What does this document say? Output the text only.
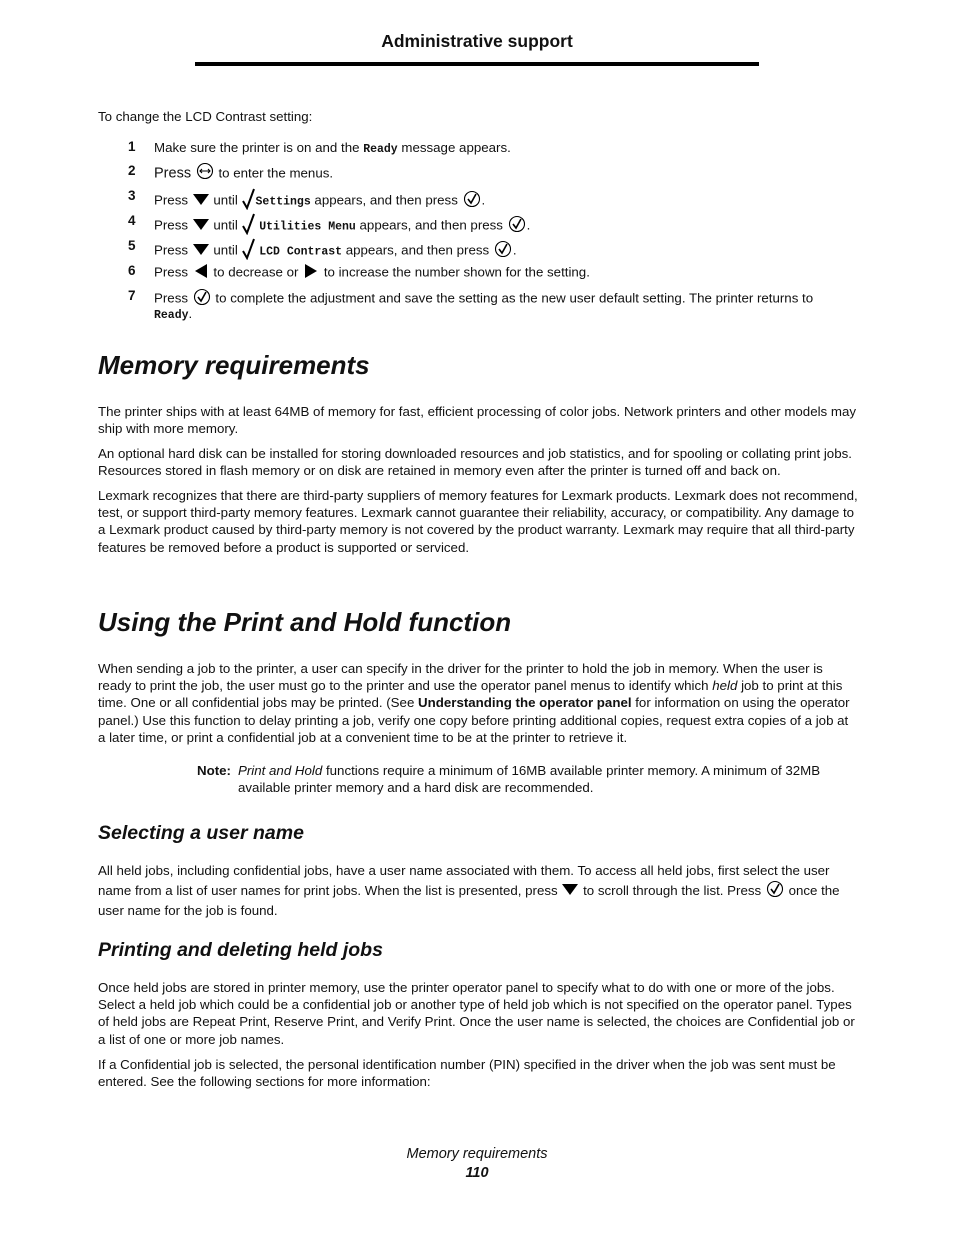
Administrative support

To change the LCD Contrast setting:

1 Make sure the printer is on and the Ready message appears.
2 Press  to enter the menus.
3 Press until Settings appears, and then press .
4 Press until Utilities Menu appears, and then press .
5 Press until LCD Contrast appears, and then press .
6 Press  to decrease or  to increase the number shown for the setting.
7 Press  to complete the adjustment and save the setting as the new user default setting. The printer returns to
Ready.
Memory requirements

The printer ships with at least 64MB of memory for fast, efficient processing of color jobs. Network printers and other models may ship with more memory.

An optional hard disk can be installed for storing downloaded resources and job statistics, and for spooling or collating print jobs. Resources stored in flash memory or on disk are retained in memory even after the printer is turned off and back on.

Lexmark recognizes that there are third-party suppliers of memory features for Lexmark products. Lexmark does not recommend, test, or support third-party memory features. Lexmark cannot guarantee their reliability, accuracy, or compatibility. Any damage to a Lexmark product caused by third-party memory is not covered by the product warranty. Lexmark may require that all third-party features be removed before a product is supported or serviced.

Using the Print and Hold function

When sending a job to the printer, a user can specify in the driver for the printer to hold the job in memory. When the user is ready to print the job, the user must go to the printer and use the operator panel menus to identify which held job to print at this time. One or all confidential jobs may be printed. (See Understanding the operator panel for information on using the operator panel.) Use this function to delay printing a job, verify one copy before printing additional copies, request extra copies of a job at a later time, or print a confidential job at a convenient time to be at the printer to retrieve it.

Note: Print and Hold functions require a minimum of 16MB available printer memory. A minimum of 32MB available printer memory and a hard disk are recommended.
Selecting a user name

All held jobs, including confidential jobs, have a user name associated with them. To access all held jobs, first select the user name from a list of user names for print jobs. When the list is presented, press  to scroll through the list. Press  once the user name for the job is found.

Printing and deleting held jobs

Once held jobs are stored in printer memory, use the printer operator panel to specify what to do with one or more of the jobs. Select a held job which could be a confidential job or another type of held job which is not specified on the operator panel. Types of held jobs are Repeat Print, Reserve Print, and Verify Print. Once the user name is selected, the choices are Confidential job or a list of one or more job names.

If a Confidential job is selected, the personal identification number (PIN) specified in the driver when the job was sent must be entered. See the following sections for more information:

Memory requirements
110
